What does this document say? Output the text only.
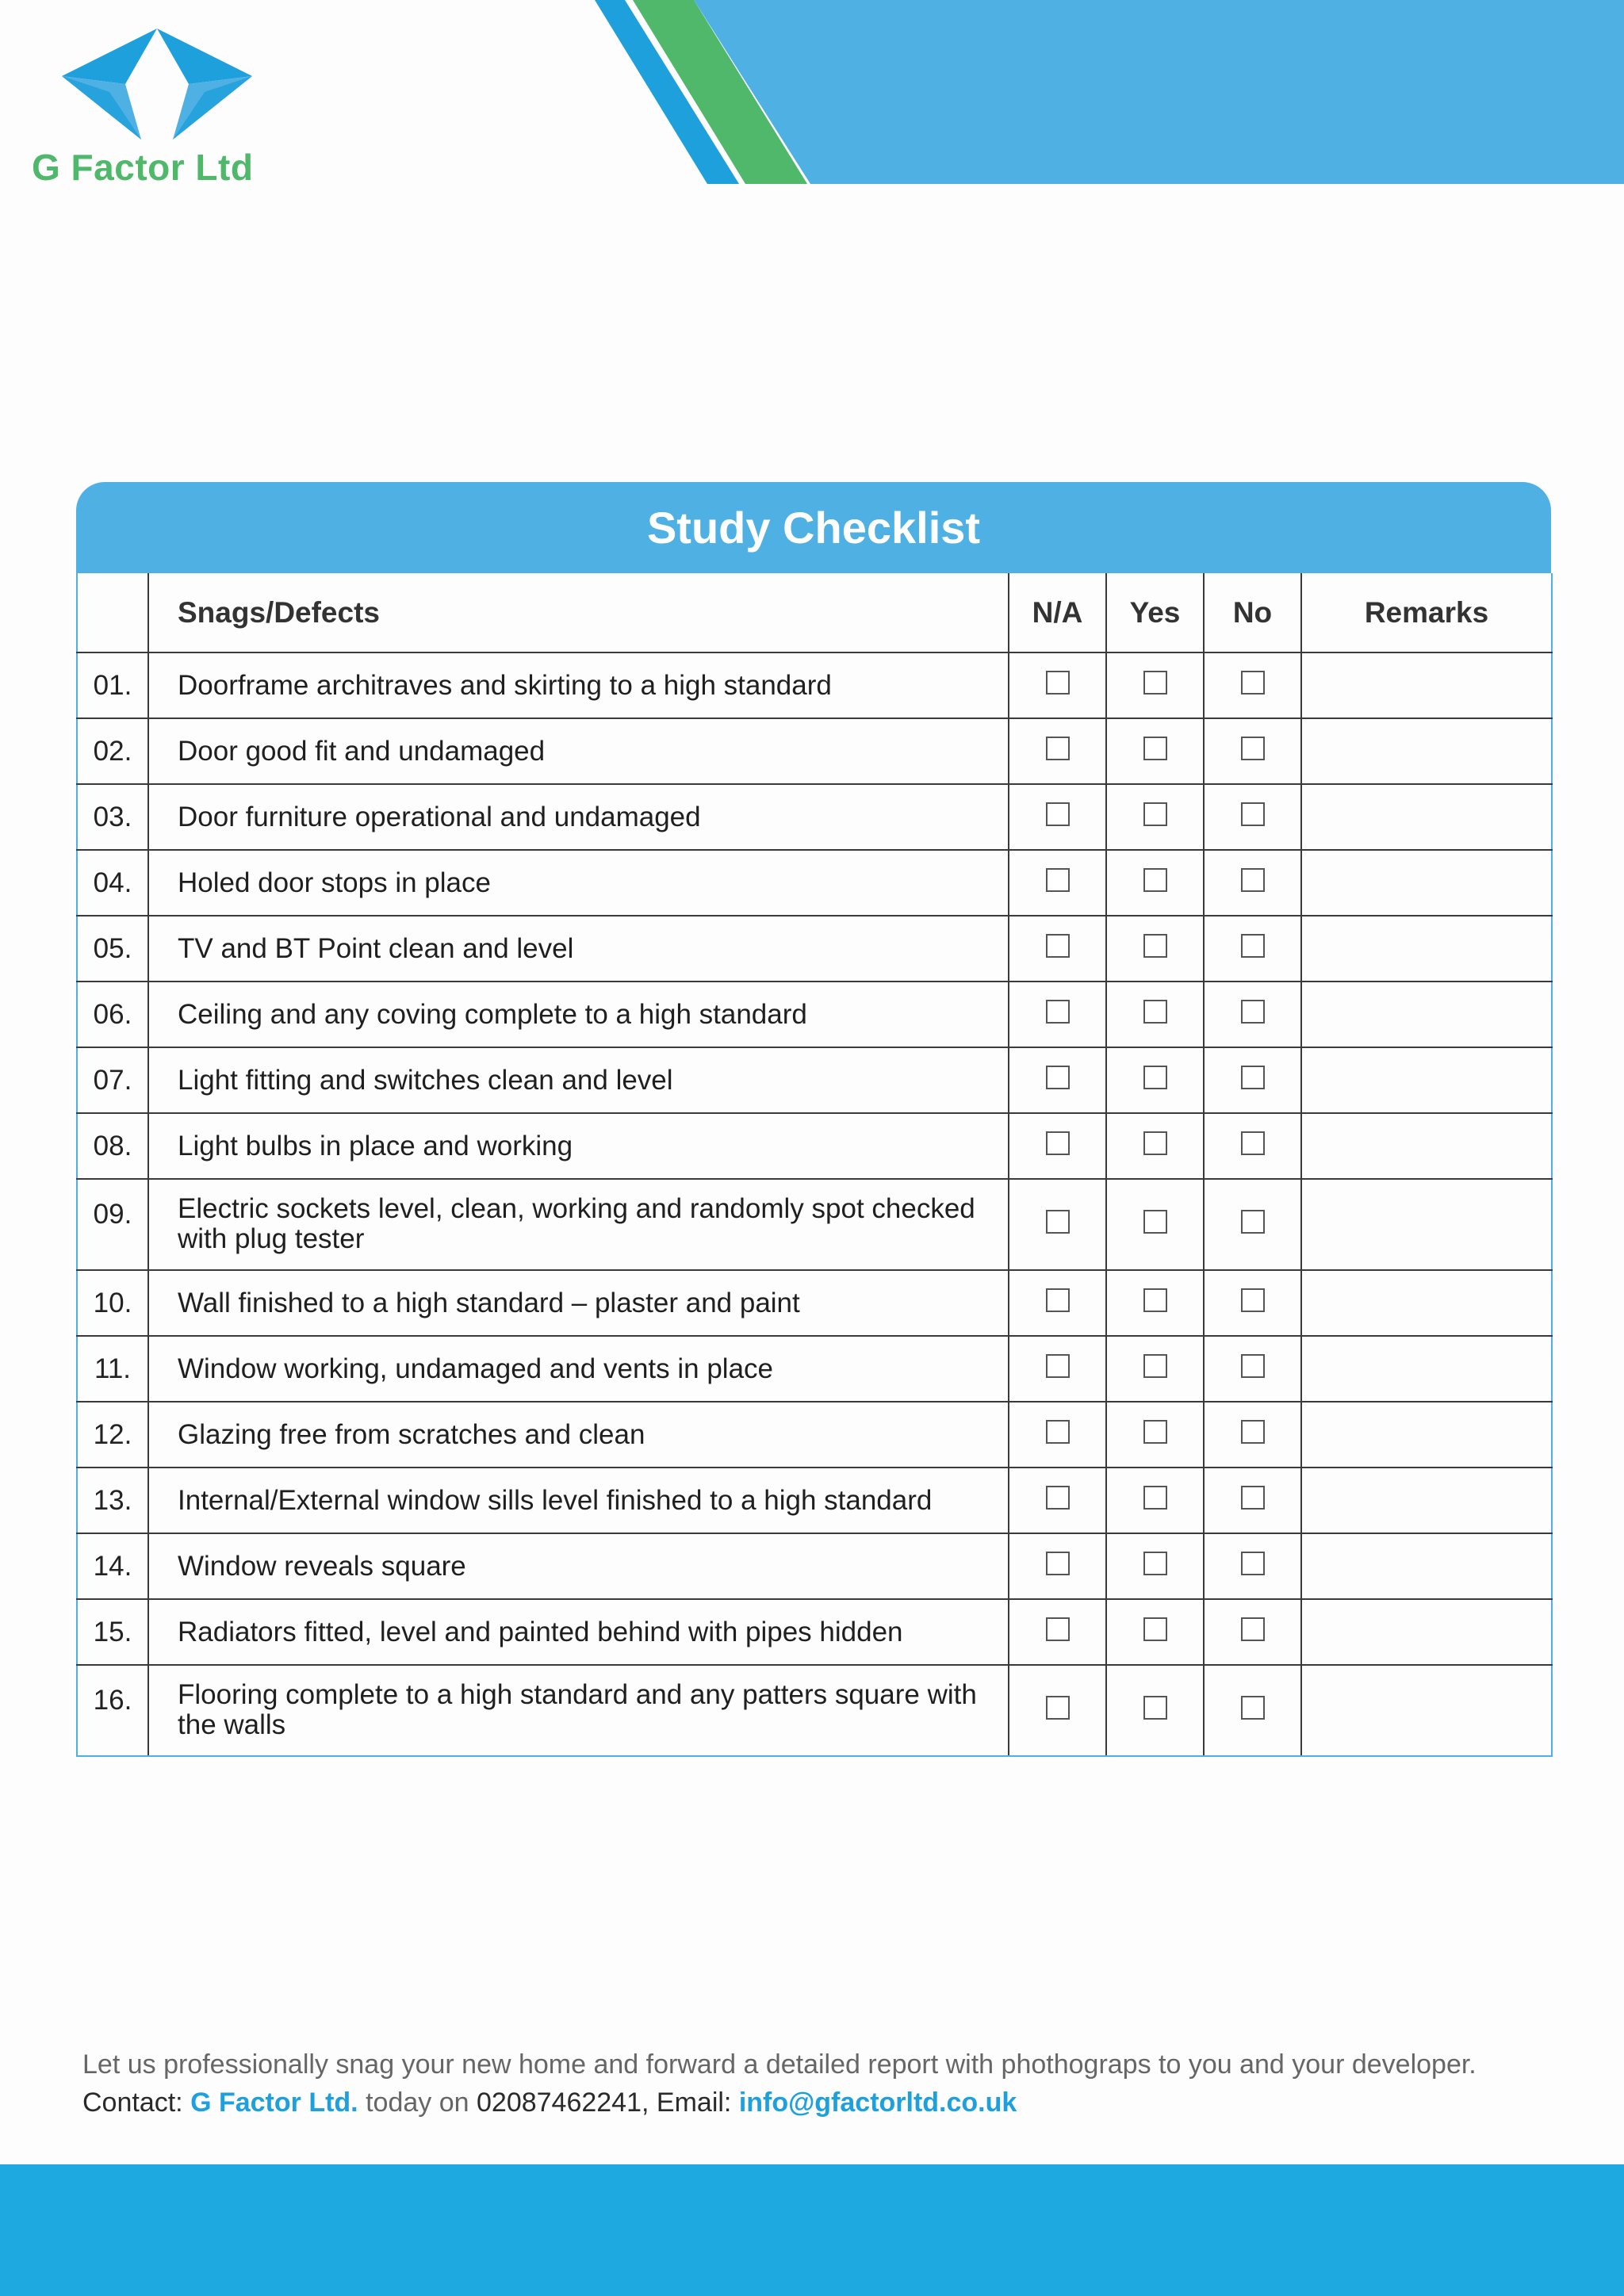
G Factor Ltd
Study Checklist
	Snags/Defects	N/A	Yes	No	Remarks
01.	Doorframe architraves and skirting to a high standard				
02.	Door good fit and undamaged				
03.	Door furniture operational and undamaged				
04.	Holed door stops in place				
05.	TV and BT Point clean and level				
06.	Ceiling and any coving complete to a high standard				
07.	Light fitting and switches clean and level				
08.	Light bulbs in place and working				
09.	Electric sockets level, clean, working and randomly spot checked with plug tester				
10.	Wall finished to a high standard – plaster and paint				
11.	Window working, undamaged and vents in place				
12.	Glazing free from scratches and clean				
13.	Internal/External window sills level finished to a high standard				
14.	Window reveals square				
15.	Radiators fitted, level and painted behind with pipes hidden				
16.	Flooring complete to a high standard and any patters square with the walls				
Let us professionally snag your new home and forward a detailed report with phothograps to you and your developer.
Contact: G Factor Ltd. today on 02087462241, Email: info@gfactorltd.co.uk
